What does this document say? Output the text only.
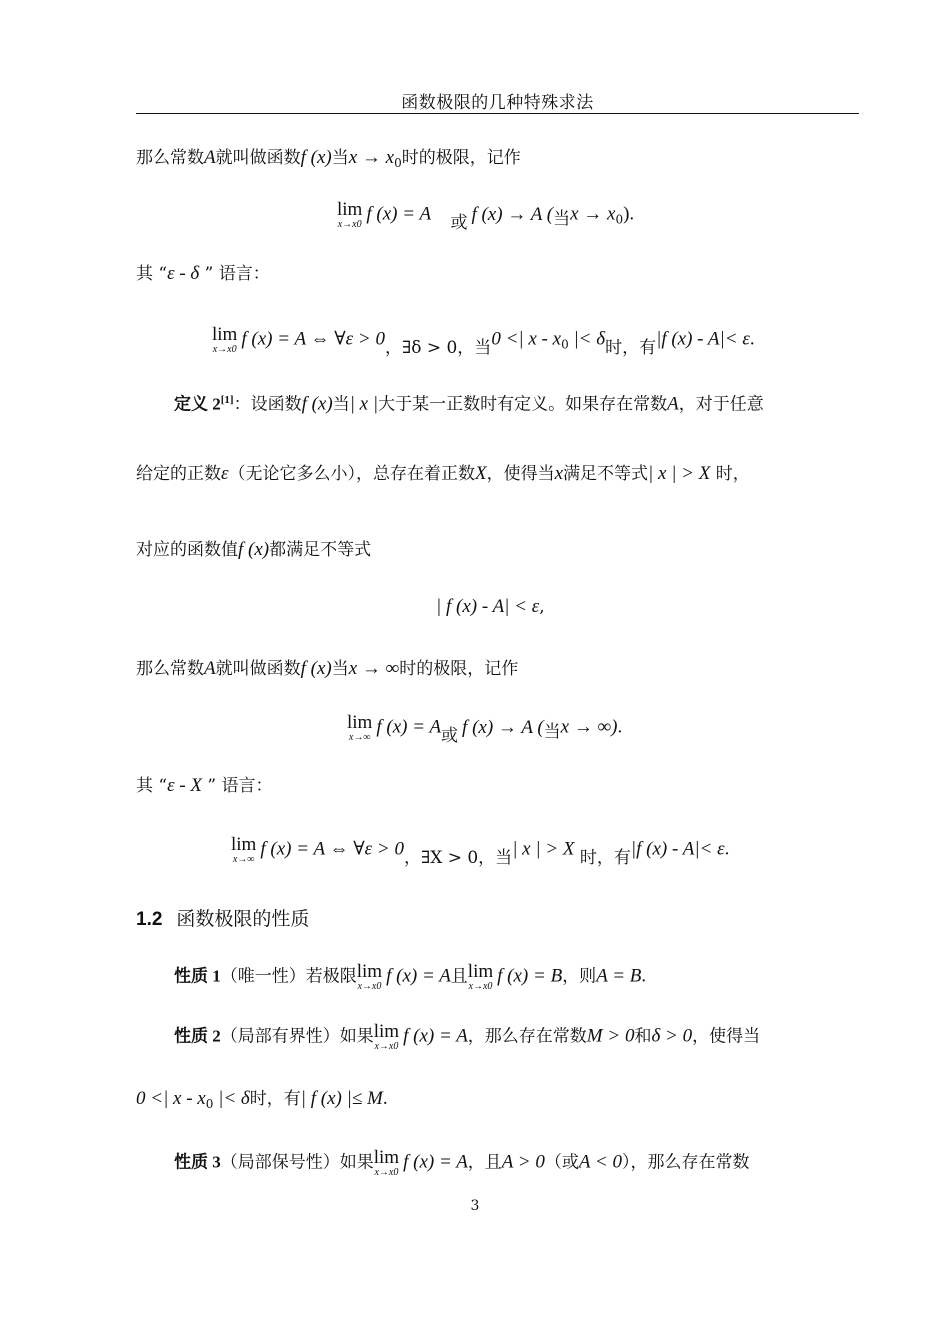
函数极限的几种特殊求法
那么常数A就叫做函数f (x)当$x \to x_0$时的极限，记作
lim
x→x0 f (x) = A 或 f (x) → A (当$x \to x_0$).
其 “ε - δ ” 语言：
lim
x→x0 f (x) = A ⇔ ∀ε > 0，∃δ > 0，当0 <| x - $x_0$ |< δ时，有|f (x) - A|< ε.
定义 2[1]：设函数f (x)当| x |大于某一正数时有定义。如果存在常数A，对于任意
给定的正数ε（无论它多么小），总存在着正数X，使得当x满足不等式| x | > X 时，
对应的函数值f (x)都满足不等式
| f (x) - A| < ε,
那么常数A就叫做函数f (x)当x → ∞时的极限，记作
lim
x→∞ f (x) = A或 f (x) → A (当x → ∞).
其 “ε - X ” 语言：
lim
x→∞ f (x) = A ⇔ ∀ε > 0，∃X > 0，当| x | > X 时，有|f (x) - A|< ε.
1.2 函数极限的性质
性质 1（唯一性）若极限 lim
x→x0 f (x) = A且 lim
x→x0 f (x) = B，则A = B.
性质 2（局部有界性）如果 lim
x→x0 f (x) = A，那么存在常数M > 0和δ > 0，使得当
0 <| x - $x_0$ |< δ时，有| f (x) |≤ M.
性质 3（局部保号性）如果 lim
x→x0 f (x) = A，且A > 0（或A < 0），那么存在常数
3
